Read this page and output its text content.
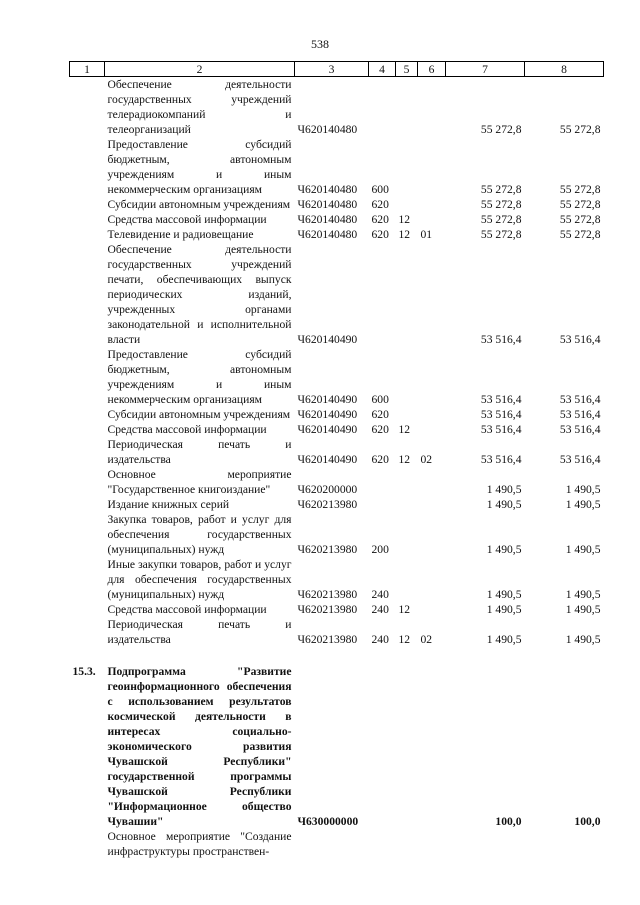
538
1	2	3	4	5	6	7	8
	Обеспечение деятельности государственных учреждений телерадиокомпаний и телеорганизаций	Ч620140480				55 272,8	55 272,8
	Предоставление субсидий бюджетным, автономным учреждениям и иным некоммерческим организациям	Ч620140480	600			55 272,8	55 272,8
	Субсидии автономным учреждениям	Ч620140480	620			55 272,8	55 272,8
	Средства массовой информации	Ч620140480	620	12		55 272,8	55 272,8
	Телевидение и радиовещание	Ч620140480	620	12	01	55 272,8	55 272,8
	Обеспечение деятельности государственных учреждений печати, обеспечивающих выпуск периодических изданий, учрежденных органами законодательной и исполнительной власти	Ч620140490				53 516,4	53 516,4
	Предоставление субсидий бюджетным, автономным учреждениям и иным некоммерческим организациям	Ч620140490	600			53 516,4	53 516,4
	Субсидии автономным учреждениям	Ч620140490	620			53 516,4	53 516,4
	Средства массовой информации	Ч620140490	620	12		53 516,4	53 516,4
	Периодическая печать и издательства	Ч620140490	620	12	02	53 516,4	53 516,4
	Основное мероприятие "Государственное книгоиздание"	Ч620200000				1 490,5	1 490,5
	Издание книжных серий	Ч620213980				1 490,5	1 490,5
	Закупка товаров, работ и услуг для обеспечения государственных (муниципальных) нужд	Ч620213980	200			1 490,5	1 490,5
	Иные закупки товаров, работ и услуг для обеспечения государственных (муниципальных) нужд	Ч620213980	240			1 490,5	1 490,5
	Средства массовой информации	Ч620213980	240	12		1 490,5	1 490,5
	Периодическая печать и издательства	Ч620213980	240	12	02	1 490,5	1 490,5

15.3.	Подпрограмма "Развитие геоинформационного обеспечения с использованием результатов космической деятельности в интересах социально-экономического развития Чувашской Республики" государственной программы Чувашской Республики "Информационное общество Чувашии"	Ч630000000				100,0	100,0
	Основное мероприятие "Создание инфраструктуры пространствен-						
